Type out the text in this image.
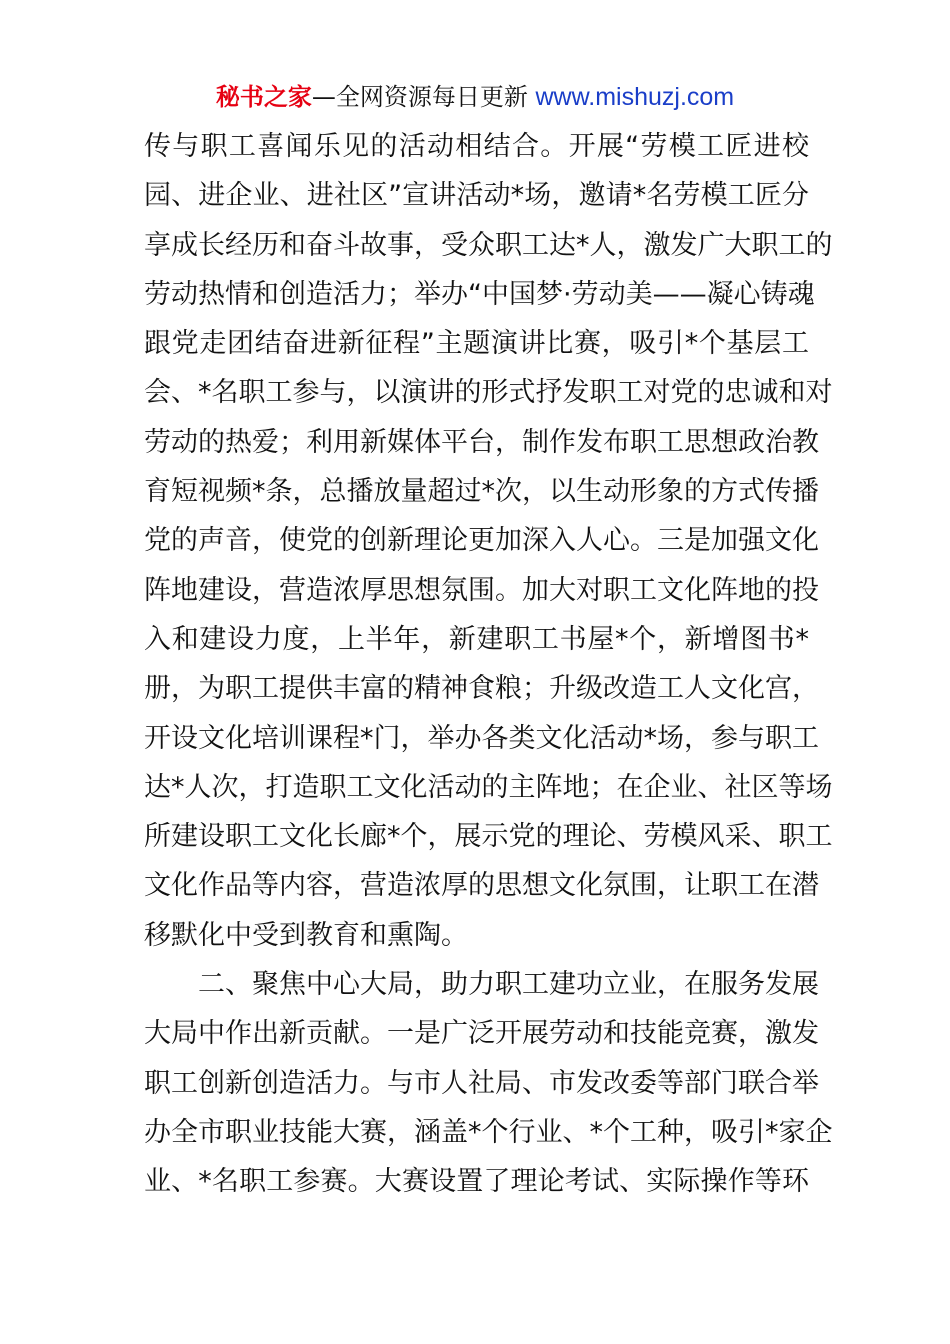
秘书之家—全网资源每日更新 www.mishuzj.com
传与职工喜闻乐见的活动相结合。开展“劳模工匠进校
园、进企业、进社区”宣讲活动*场，邀请*名劳模工匠分
享成长经历和奋斗故事，受众职工达*人，激发广大职工的
劳动热情和创造活力；举办“中国梦·劳动美——凝心铸魂
跟党走团结奋进新征程”主题演讲比赛，吸引*个基层工
会、*名职工参与，以演讲的形式抒发职工对党的忠诚和对
劳动的热爱；利用新媒体平台，制作发布职工思想政治教
育短视频*条，总播放量超过*次，以生动形象的方式传播
党的声音，使党的创新理论更加深入人心。三是加强文化
阵地建设，营造浓厚思想氛围。加大对职工文化阵地的投
入和建设力度，上半年，新建职工书屋*个，新增图书*
册，为职工提供丰富的精神食粮；升级改造工人文化宫，
开设文化培训课程*门，举办各类文化活动*场，参与职工
达*人次，打造职工文化活动的主阵地；在企业、社区等场
所建设职工文化长廊*个，展示党的理论、劳模风采、职工
文化作品等内容，营造浓厚的思想文化氛围，让职工在潜
移默化中受到教育和熏陶。
二、聚焦中心大局，助力职工建功立业，在服务发展
大局中作出新贡献。一是广泛开展劳动和技能竞赛，激发
职工创新创造活力。与市人社局、市发改委等部门联合举
办全市职业技能大赛，涵盖*个行业、*个工种，吸引*家企
业、*名职工参赛。大赛设置了理论考试、实际操作等环
